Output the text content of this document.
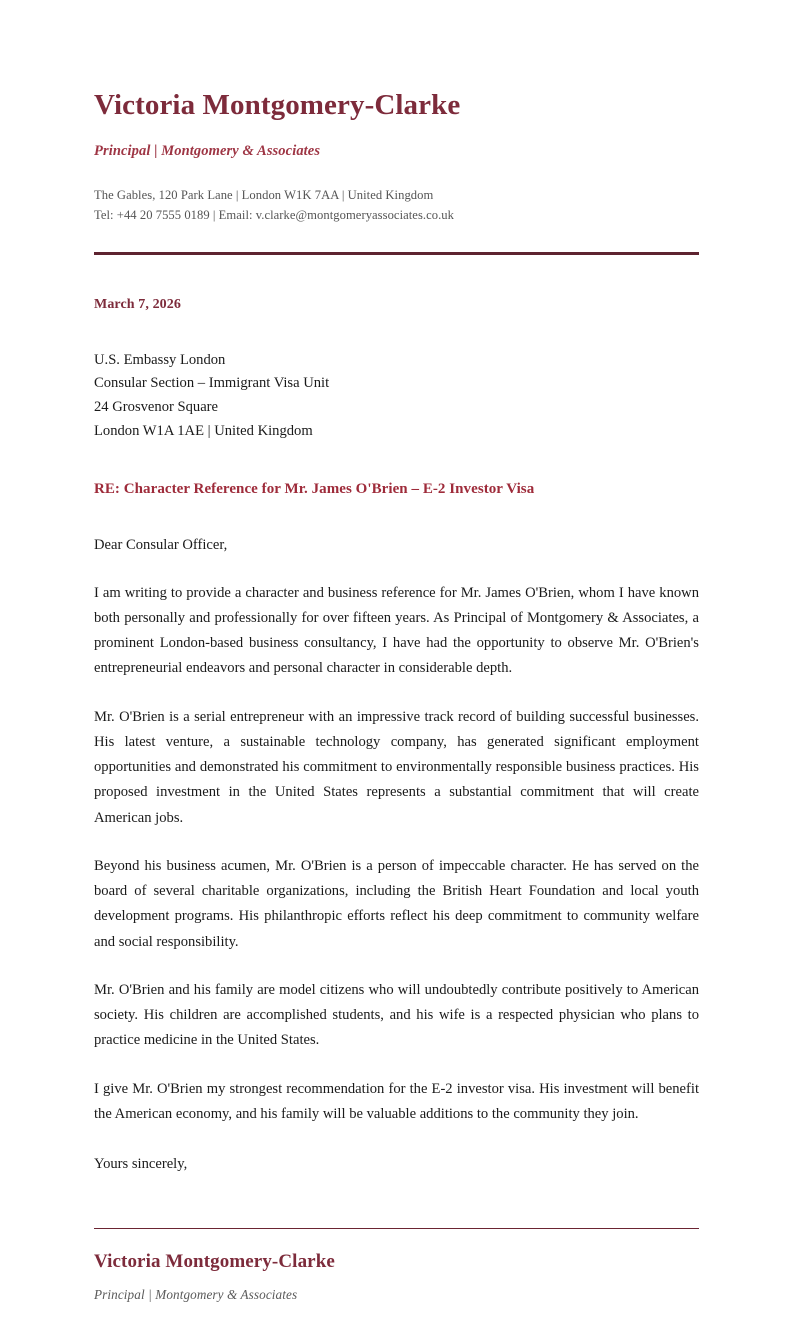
Victoria Montgomery-Clarke
Principal | Montgomery & Associates
The Gables, 120 Park Lane | London W1K 7AA | United Kingdom
Tel: +44 20 7555 0189 | Email: v.clarke@montgomeryassociates.co.uk
March 7, 2026
U.S. Embassy London
Consular Section – Immigrant Visa Unit
24 Grosvenor Square
London W1A 1AE | United Kingdom
RE: Character Reference for Mr. James O'Brien – E-2 Investor Visa
Dear Consular Officer,

I am writing to provide a character and business reference for Mr. James O'Brien, whom I have known both personally and professionally for over fifteen years. As Principal of Montgomery & Associates, a prominent London-based business consultancy, I have had the opportunity to observe Mr. O'Brien's entrepreneurial endeavors and personal character in considerable depth.

Mr. O'Brien is a serial entrepreneur with an impressive track record of building successful businesses. His latest venture, a sustainable technology company, has generated significant employment opportunities and demonstrated his commitment to environmentally responsible business practices. His proposed investment in the United States represents a substantial commitment that will create American jobs.

Beyond his business acumen, Mr. O'Brien is a person of impeccable character. He has served on the board of several charitable organizations, including the British Heart Foundation and local youth development programs. His philanthropic efforts reflect his deep commitment to community welfare and social responsibility.

Mr. O'Brien and his family are model citizens who will undoubtedly contribute positively to American society. His children are accomplished students, and his wife is a respected physician who plans to practice medicine in the United States.

I give Mr. O'Brien my strongest recommendation for the E-2 investor visa. His investment will benefit the American economy, and his family will be valuable additions to the community they join.

Yours sincerely,
Victoria Montgomery-Clarke
Principal | Montgomery & Associates
